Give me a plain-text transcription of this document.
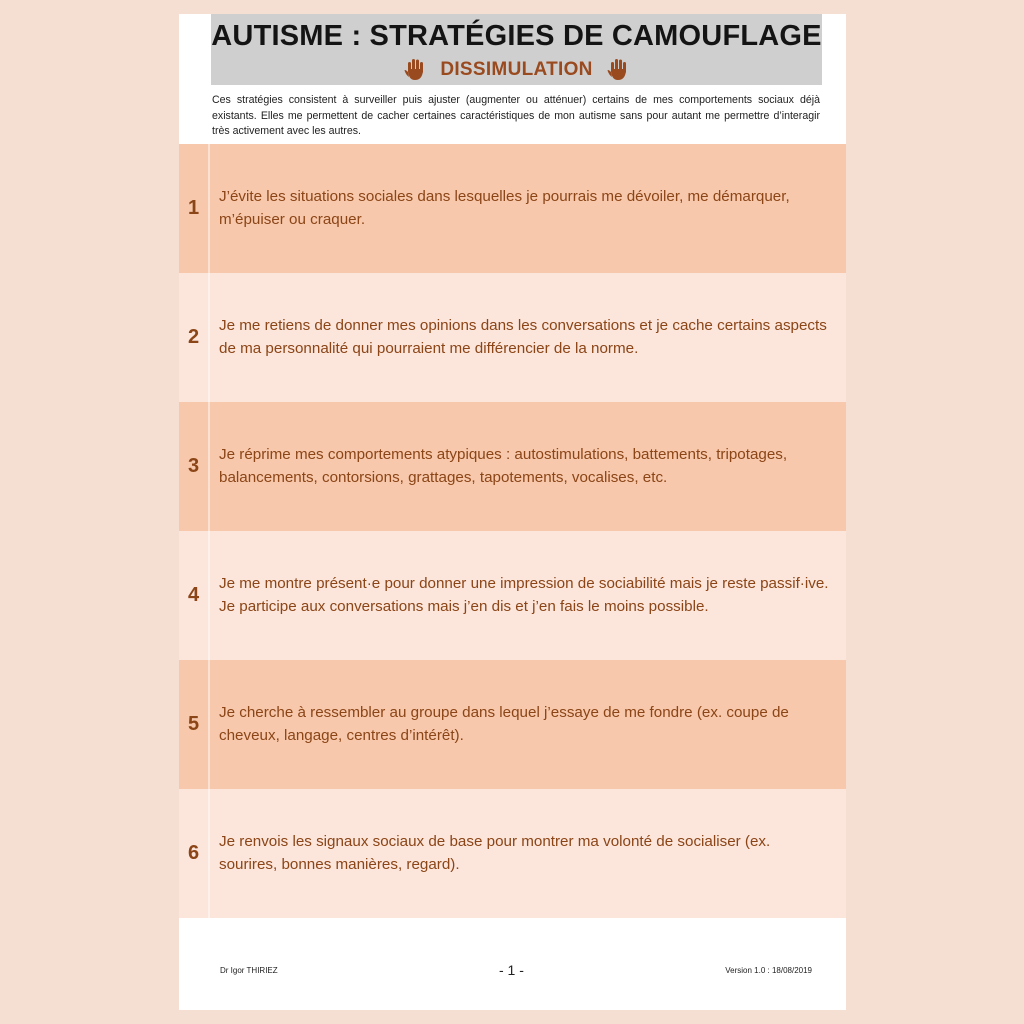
AUTISME : STRATÉGIES DE CAMOUFLAGE
DISSIMULATION
Ces stratégies consistent à surveiller puis ajuster (augmenter ou atténuer) certains de mes comportements sociaux déjà existants. Elles me permettent de cacher certaines caractéristiques de mon autisme sans pour autant me permettre d’interagir très activement avec les autres.
1
J’évite les situations sociales dans lesquelles je pourrais me dévoiler, me démarquer, m’épuiser ou craquer.
2
Je me retiens de donner mes opinions dans les conversations et je cache certains aspects de ma personnalité qui pourraient me différencier de la norme.
3
Je réprime mes comportements atypiques : autostimulations, battements, tripotages, balancements, contorsions, grattages, tapotements, vocalises, etc.
4
Je me montre présent·e pour donner une impression de sociabilité mais je reste passif·ive. Je participe aux conversations mais j’en dis et j’en fais le moins possible.
5
Je cherche à ressembler au groupe dans lequel j’essaye de me fondre (ex. coupe de cheveux, langage, centres d’intérêt).
6
Je renvois les signaux sociaux de base pour montrer ma volonté de socialiser (ex. sourires, bonnes manières, regard).
Dr Igor THIRIEZ	- 1 -	Version 1.0 : 18/08/2019
